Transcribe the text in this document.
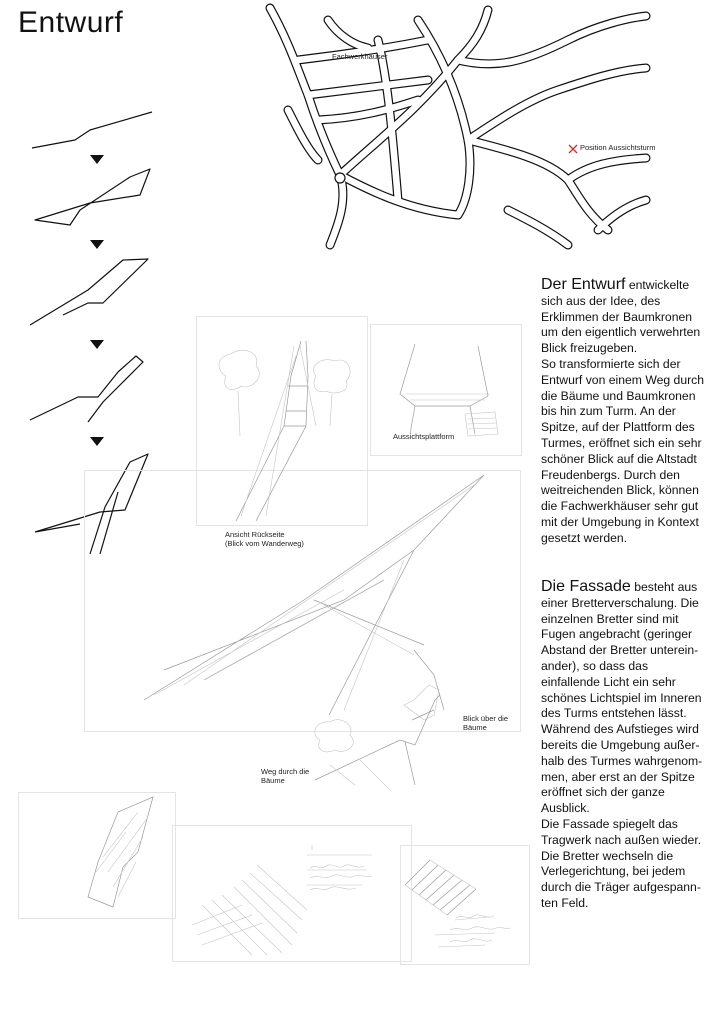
Entwurf
Fachwerkhäuser
Position Aussichtsturm
Aussichtsplattform
Ansicht Rückseite
(Blick vom Wanderweg)
Blick über die
Bäume
Weg durch die
Bäume
Der Entwurf entwickelte
sich aus der Idee, des
Erklimmen der Baumkronen
um den eigentlich verwehrten
Blick freizugeben.
So transformierte sich der
Entwurf von einem Weg durch
die Bäume und Baumkronen
bis hin zum Turm. An der
Spitze, auf der Plattform des
Turmes, eröffnet sich ein sehr
schöner Blick auf die Altstadt
Freudenbergs. Durch den
weitreichenden Blick, können
die Fachwerkhäuser sehr gut
mit der Umgebung in Kontext
gesetzt werden.
Die Fassade besteht aus
einer Bretterverschalung. Die
einzelnen Bretter sind mit
Fugen angebracht (geringer
Abstand der Bretter unterein-
ander), so dass das
einfallende Licht ein sehr
schönes Lichtspiel im Inneren
des Turms entstehen lässt.
Während des Aufstieges wird
bereits die Umgebung außer-
halb des Turmes wahrgenom-
men, aber erst an der Spitze
eröffnet sich der ganze
Ausblick.
Die Fassade spiegelt das
Tragwerk nach außen wieder.
Die Bretter wechseln die
Verlegerichtung, bei jedem
durch die Träger aufgespann-
ten Feld.
